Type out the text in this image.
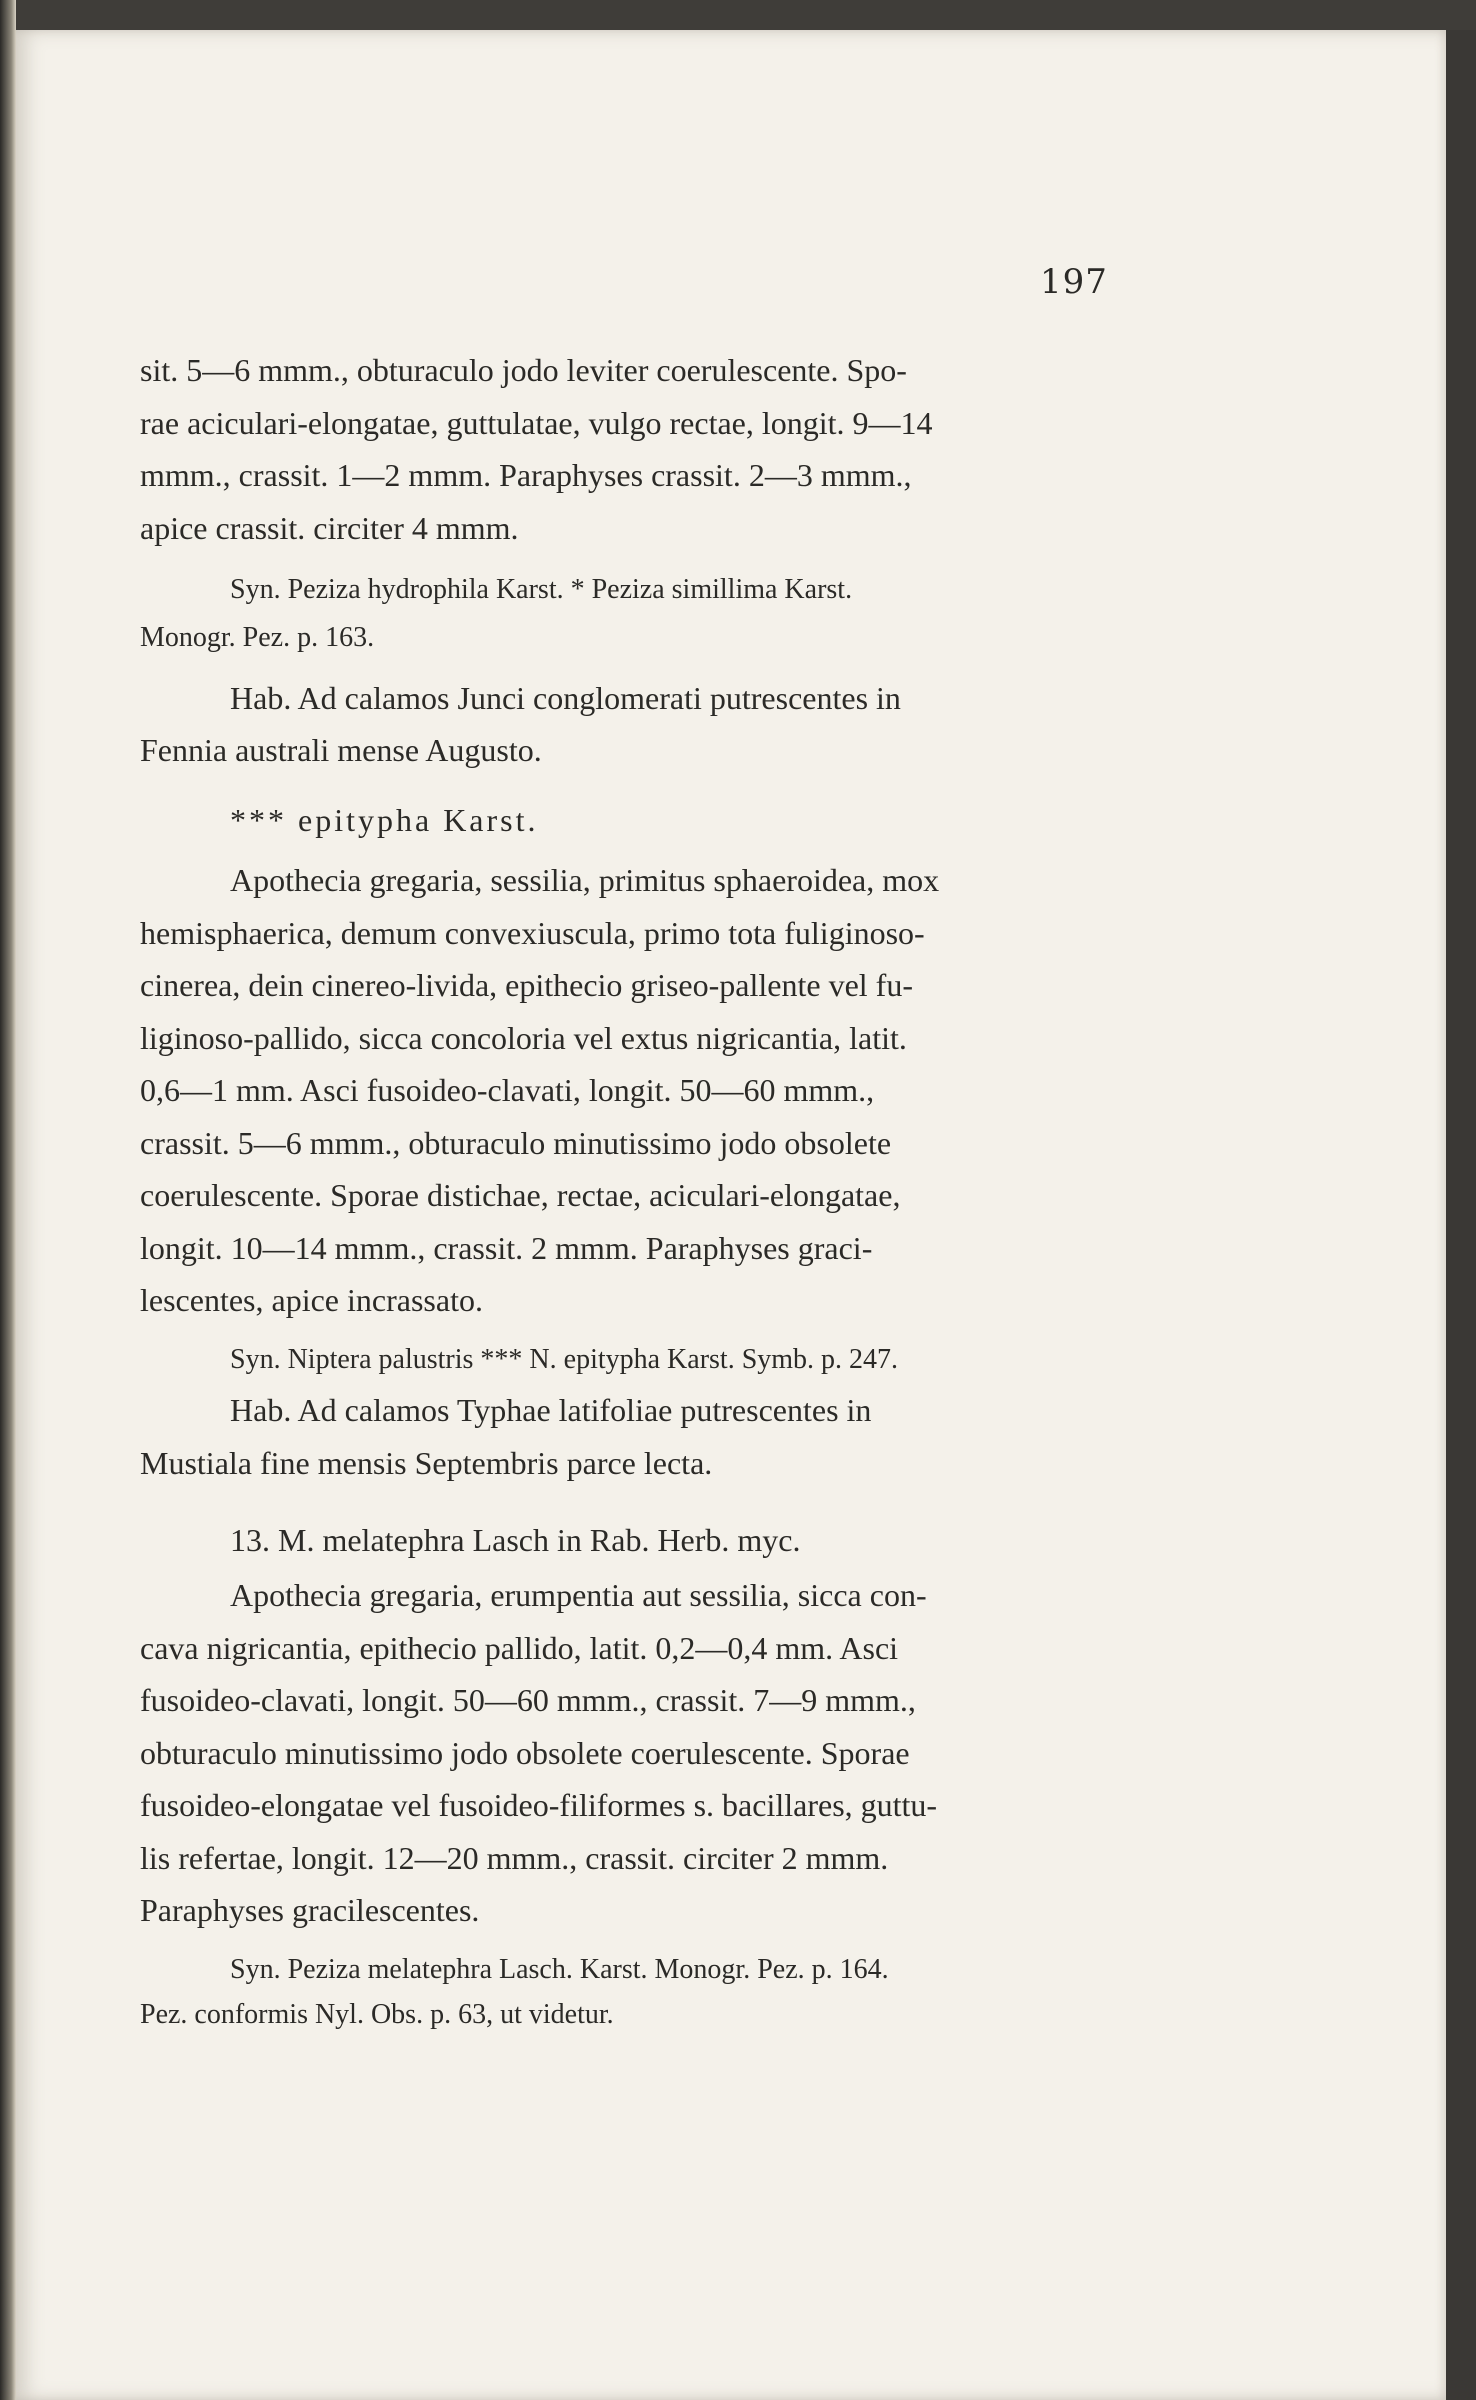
197
sit. 5—6 mmm., obturaculo jodo leviter coerulescente. Spo-
rae aciculari-elongatae, guttulatae, vulgo rectae, longit. 9—14
mmm., crassit. 1—2 mmm. Paraphyses crassit. 2—3 mmm.,
apice crassit. circiter 4 mmm.
Syn. Peziza hydrophila Karst. * Peziza simillima Karst.
Monogr. Pez. p. 163.
Hab. Ad calamos Junci conglomerati putrescentes in
Fennia australi mense Augusto.
*** epitypha Karst.
Apothecia gregaria, sessilia, primitus sphaeroidea, mox
hemisphaerica, demum convexiuscula, primo tota fuliginoso-
cinerea, dein cinereo-livida, epithecio griseo-pallente vel fu-
liginoso-pallido, sicca concoloria vel extus nigricantia, latit.
0,6—1 mm. Asci fusoideo-clavati, longit. 50—60 mmm.,
crassit. 5—6 mmm., obturaculo minutissimo jodo obsolete
coerulescente. Sporae distichae, rectae, aciculari-elongatae,
longit. 10—14 mmm., crassit. 2 mmm. Paraphyses graci-
lescentes, apice incrassato.
Syn. Niptera palustris *** N. epitypha Karst. Symb. p. 247.
Hab. Ad calamos Typhae latifoliae putrescentes in
Mustiala fine mensis Septembris parce lecta.
13. M. melatephra Lasch in Rab. Herb. myc.
Apothecia gregaria, erumpentia aut sessilia, sicca con-
cava nigricantia, epithecio pallido, latit. 0,2—0,4 mm. Asci
fusoideo-clavati, longit. 50—60 mmm., crassit. 7—9 mmm.,
obturaculo minutissimo jodo obsolete coerulescente. Sporae
fusoideo-elongatae vel fusoideo-filiformes s. bacillares, guttu-
lis refertae, longit. 12—20 mmm., crassit. circiter 2 mmm.
Paraphyses gracilescentes.
Syn. Peziza melatephra Lasch. Karst. Monogr. Pez. p. 164.
Pez. conformis Nyl. Obs. p. 63, ut videtur.
